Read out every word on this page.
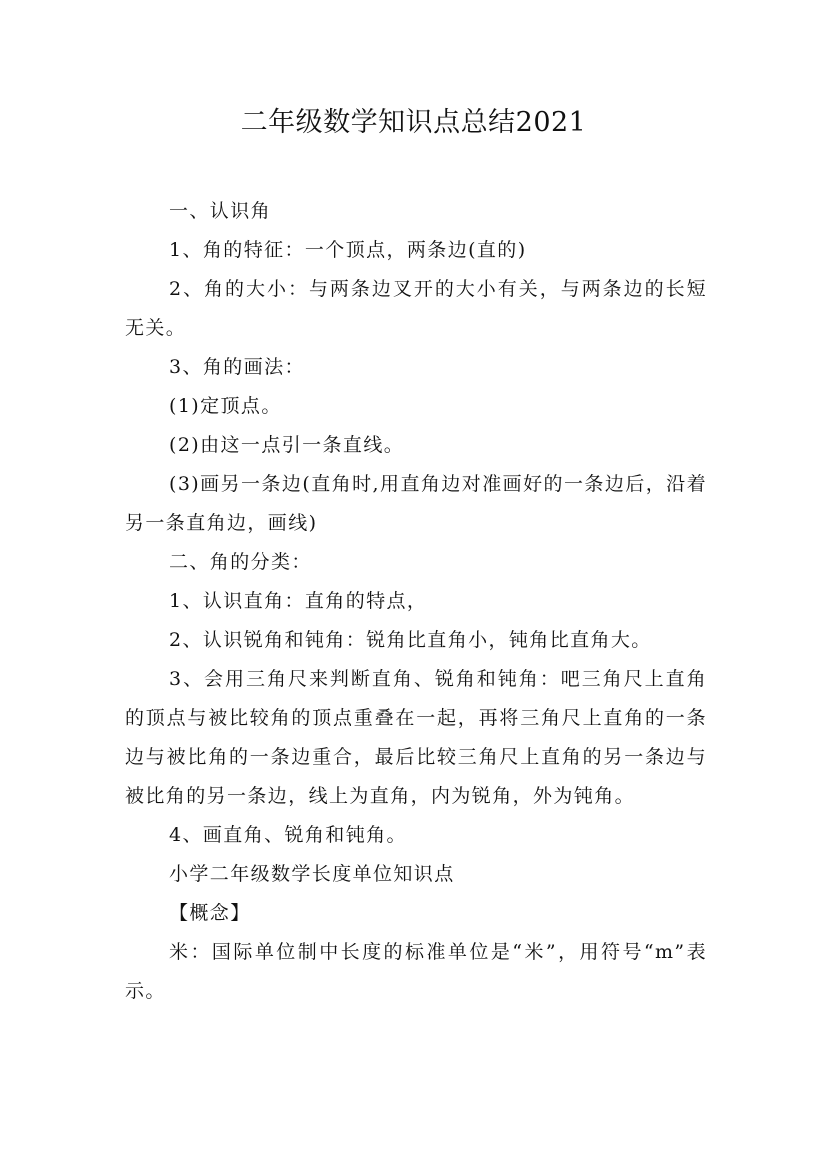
二年级数学知识点总结2021

一、认识角

1、角的特征：一个顶点，两条边(直的)

2、角的大小：与两条边叉开的大小有关，与两条边的长短无关。

3、角的画法：

(1)定顶点。

(2)由这一点引一条直线。

(3)画另一条边(直角时,用直角边对准画好的一条边后，沿着另一条直角边，画线)

二、角的分类：

1、认识直角：直角的特点，

2、认识锐角和钝角：锐角比直角小，钝角比直角大。

3、会用三角尺来判断直角、锐角和钝角：吧三角尺上直角的顶点与被比较角的顶点重叠在一起，再将三角尺上直角的一条边与被比角的一条边重合，最后比较三角尺上直角的另一条边与被比角的另一条边，线上为直角，内为锐角，外为钝角。

4、画直角、锐角和钝角。

小学二年级数学长度单位知识点

【概念】

米：国际单位制中长度的标准单位是“米”，用符号“m”表示。
